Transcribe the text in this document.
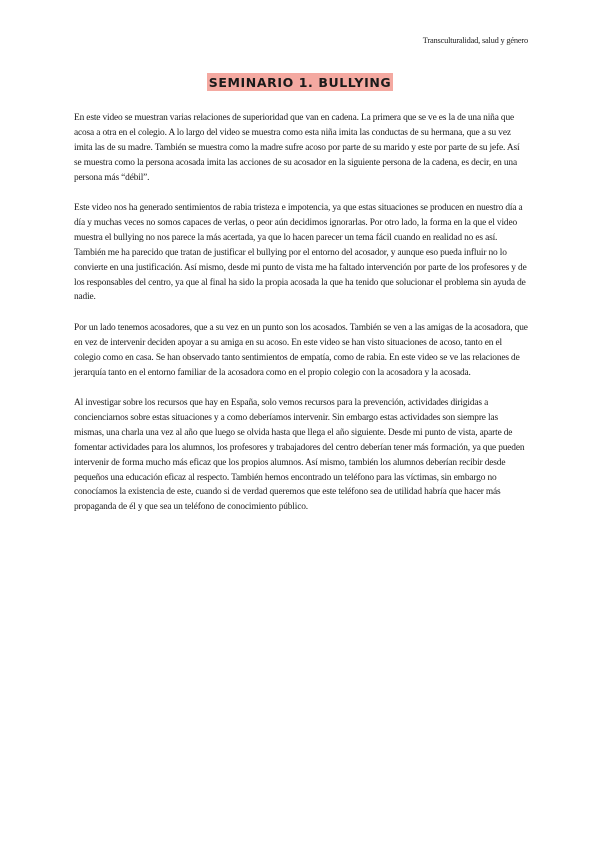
Transculturalidad, salud y género
SEMINARIO 1. BULLYING

En este video se muestran varias relaciones de superioridad que van en cadena. La primera que se ve es la de una niña que acosa a otra en el colegio. A lo largo del video se muestra como esta niña imita las conductas de su hermana, que a su vez imita las de su madre. También se muestra como la madre sufre acoso por parte de su marido y este por parte de su jefe. Así se muestra como la persona acosada imita las acciones de su acosador en la siguiente persona de la cadena, es decir, en una persona más “débil”.

Este video nos ha generado sentimientos de rabia tristeza e impotencia, ya que estas situaciones se producen en nuestro día a día y muchas veces no somos capaces de verlas, o peor aún decidimos ignorarlas. Por otro lado, la forma en la que el video muestra el bullying no nos parece la más acertada, ya que lo hacen parecer un tema fácil cuando en realidad no es así. También me ha parecido que tratan de justificar el bullying por el entorno del acosador, y aunque eso pueda influir no lo convierte en una justificación. Así mismo, desde mi punto de vista me ha faltado intervención por parte de los profesores y de los responsables del centro, ya que al final ha sido la propia acosada la que ha tenido que solucionar el problema sin ayuda de nadie.

Por un lado tenemos acosadores, que a su vez en un punto son los acosados. También se ven a las amigas de la acosadora, que en vez de intervenir deciden apoyar a su amiga en su acoso. En este video se han visto situaciones de acoso, tanto en el colegio como en casa. Se han observado tanto sentimientos de empatía, como de rabia. En este video se ve las relaciones de jerarquía tanto en el entorno familiar de la acosadora como en el propio colegio con la acosadora y la acosada.

Al investigar sobre los recursos que hay en España, solo vemos recursos para la prevención, actividades dirigidas a concienciarnos sobre estas situaciones y a como deberíamos intervenir. Sin embargo estas actividades son siempre las mismas, una charla una vez al año que luego se olvida hasta que llega el año siguiente. Desde mi punto de vista, aparte de fomentar actividades para los alumnos, los profesores y trabajadores del centro deberían tener más formación, ya que pueden intervenir de forma mucho más eficaz que los propios alumnos. Así mismo, también los alumnos deberían recibir desde pequeños una educación eficaz al respecto. También hemos encontrado un teléfono para las víctimas, sin embargo no conocíamos la existencia de este, cuando si de verdad queremos que este teléfono sea de utilidad habría que hacer más propaganda de él y que sea un teléfono de conocimiento público.
